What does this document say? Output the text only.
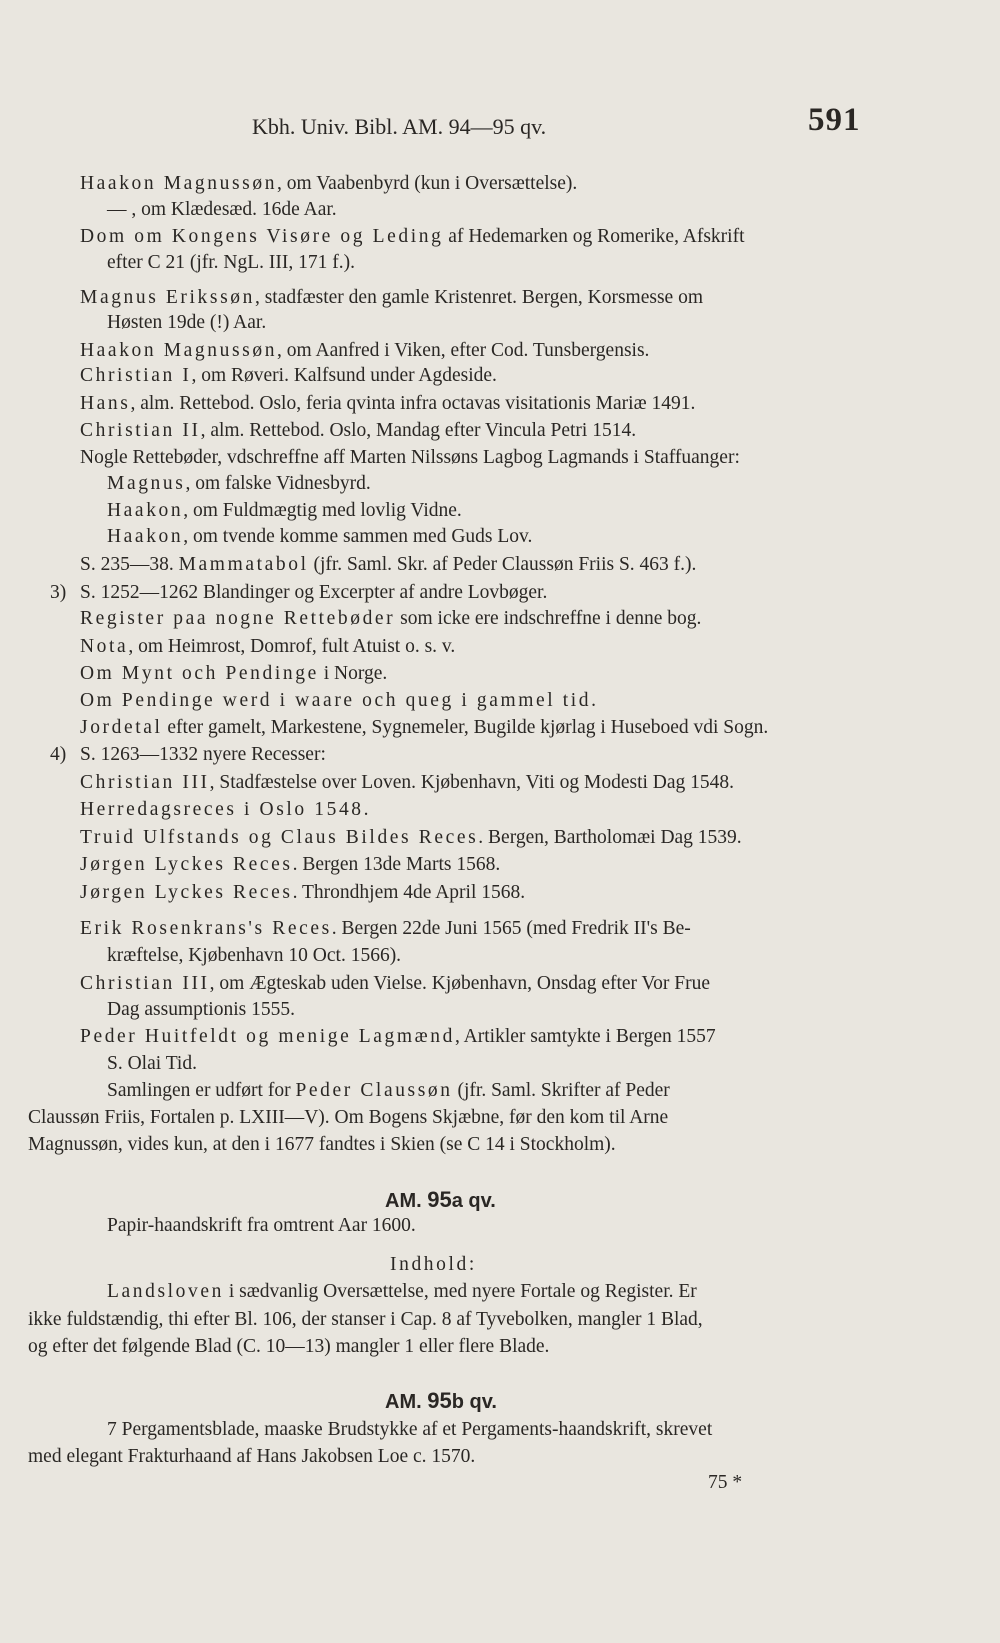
Kbh. Univ. Bibl. AM. 94—95 qv.	591
Haakon Magnussøn, om Vaabenbyrd (kun i Oversættelse).
— , om Klædesæd. 16de Aar.
Dom om Kongens Visøre og Leding af Hedemarken og Romerike, Afskrift
efter C 21 (jfr. NgL. III, 171 f.).
Magnus Erikssøn, stadfæster den gamle Kristenret. Bergen, Korsmesse om
Høsten 19de (!) Aar.
Haakon Magnussøn, om Aanfred i Viken, efter Cod. Tunsbergensis.
Christian I, om Røveri. Kalfsund under Agdeside.
Hans, alm. Rettebod. Oslo, feria qvinta infra octavas visitationis Mariæ 1491.
Christian II, alm. Rettebod. Oslo, Mandag efter Vincula Petri 1514.
Nogle Rettebøder, vdschreffne aff Marten Nilssøns Lagbog Lagmands i Staffuanger:
Magnus, om falske Vidnesbyrd.
Haakon, om Fuldmægtig med lovlig Vidne.
Haakon, om tvende komme sammen med Guds Lov.
S. 235—38. Mammatabol (jfr. Saml. Skr. af Peder Claussøn Friis S. 463 f.).
3) S. 1252—1262 Blandinger og Excerpter af andre Lovbøger.
Register paa nogne Rettebøder som icke ere indschreffne i denne bog.
Nota, om Heimrost, Domrof, fult Atuist o. s. v.
Om Mynt och Pendinge i Norge.
Om Pendinge werd i waare och queg i gammel tid.
Jordetal efter gamelt, Markestene, Sygnemeler, Bugilde kjørlag i Huseboed vdi Sogn.
4) S. 1263—1332 nyere Recesser:
Christian III, Stadfæstelse over Loven. Kjøbenhavn, Viti og Modesti Dag 1548.
Herredagsreces i Oslo 1548.
Truid Ulfstands og Claus Bildes Reces. Bergen, Bartholomæi Dag 1539.
Jørgen Lyckes Reces. Bergen 13de Marts 1568.
Jørgen Lyckes Reces. Throndhjem 4de April 1568.
Erik Rosenkrans's Reces. Bergen 22de Juni 1565 (med Fredrik II's Be-
kræftelse, Kjøbenhavn 10 Oct. 1566).
Christian III, om Ægteskab uden Vielse. Kjøbenhavn, Onsdag efter Vor Frue
Dag assumptionis 1555.
Peder Huitfeldt og menige Lagmænd, Artikler samtykte i Bergen 1557
S. Olai Tid.
Samlingen er udført for Peder Claussøn (jfr. Saml. Skrifter af Peder
Claussøn Friis, Fortalen p. LXIII—V). Om Bogens Skjæbne, før den kom til Arne
Magnussøn, vides kun, at den i 1677 fandtes i Skien (se C 14 i Stockholm).
AM. 95a qv.
Papir-haandskrift fra omtrent Aar 1600.
Indhold:
Landsloven i sædvanlig Oversættelse, med nyere Fortale og Register. Er
ikke fuldstændig, thi efter Bl. 106, der stanser i Cap. 8 af Tyvebolken, mangler 1 Blad,
og efter det følgende Blad (C. 10—13) mangler 1 eller flere Blade.
AM. 95b qv.
7 Pergamentsblade, maaske Brudstykke af et Pergaments-haandskrift, skrevet
med elegant Frakturhaand af Hans Jakobsen Loe c. 1570.
75 *
